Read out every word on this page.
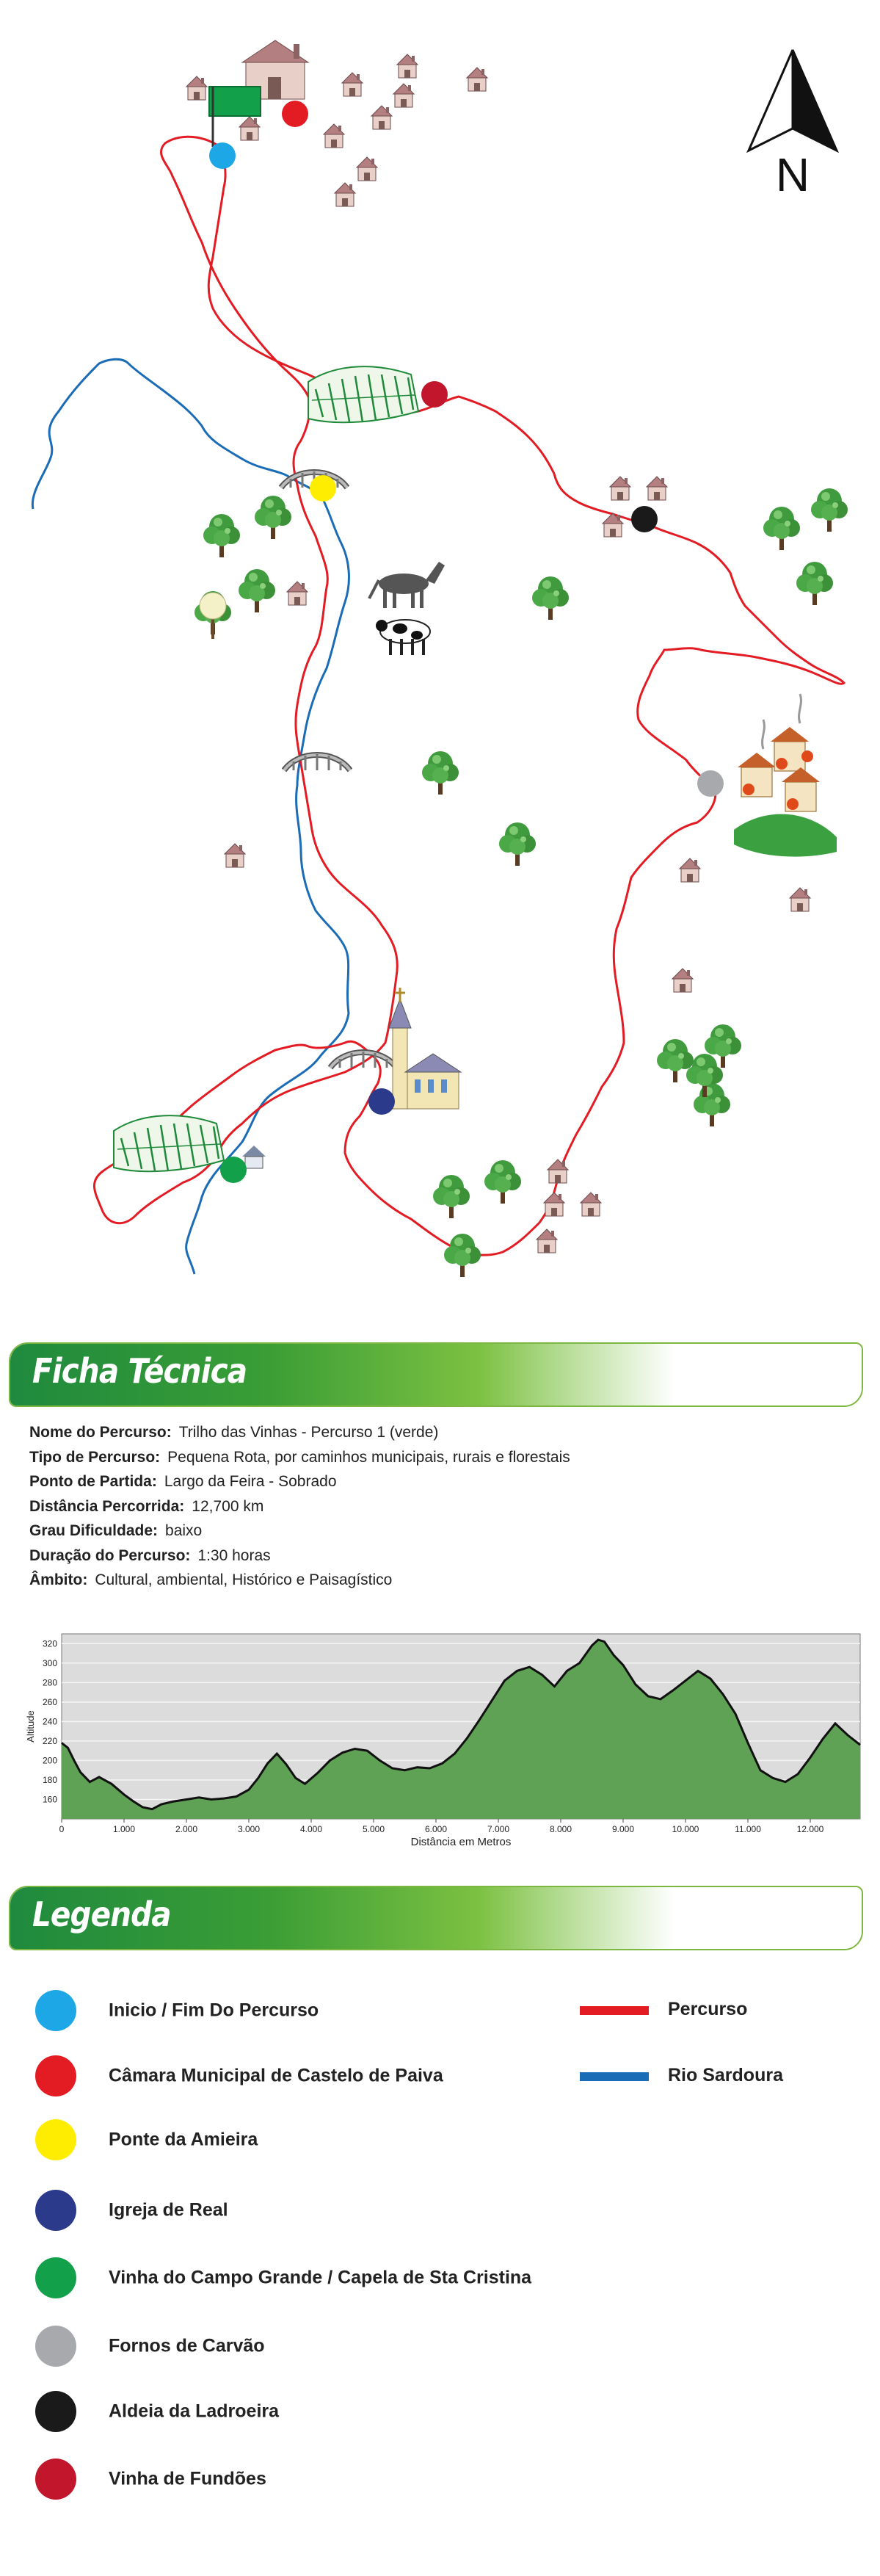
N
Ficha Técnica
Nome do Percurso: Trilho das Vinhas - Percurso 1 (verde)
Tipo de Percurso: Pequena Rota, por caminhos municipais, rurais e florestais
Ponto de Partida: Largo da Feira - Sobrado
Distância Percorrida: 12,700 km
Grau Dificuldade: baixo
Duração do Percurso: 1:30 horas
Âmbito: Cultural, ambiental, Histórico e Paisagístico
160
180
200
220
240
260
280
300
320
0	1.000	2.000	3.000	4.000	5.000	6.000	7.000	8.000	9.000	10.000	11.000	12.000
Distância em Metros
Altitude
Legenda
Inicio / Fim Do Percurso
Câmara Municipal de Castelo de Paiva
Ponte da Amieira
Igreja de Real
Vinha do Campo Grande / Capela de Sta Cristina
Fornos de Carvão
Aldeia da Ladroeira
Vinha de Fundões
Percurso
Rio Sardoura
